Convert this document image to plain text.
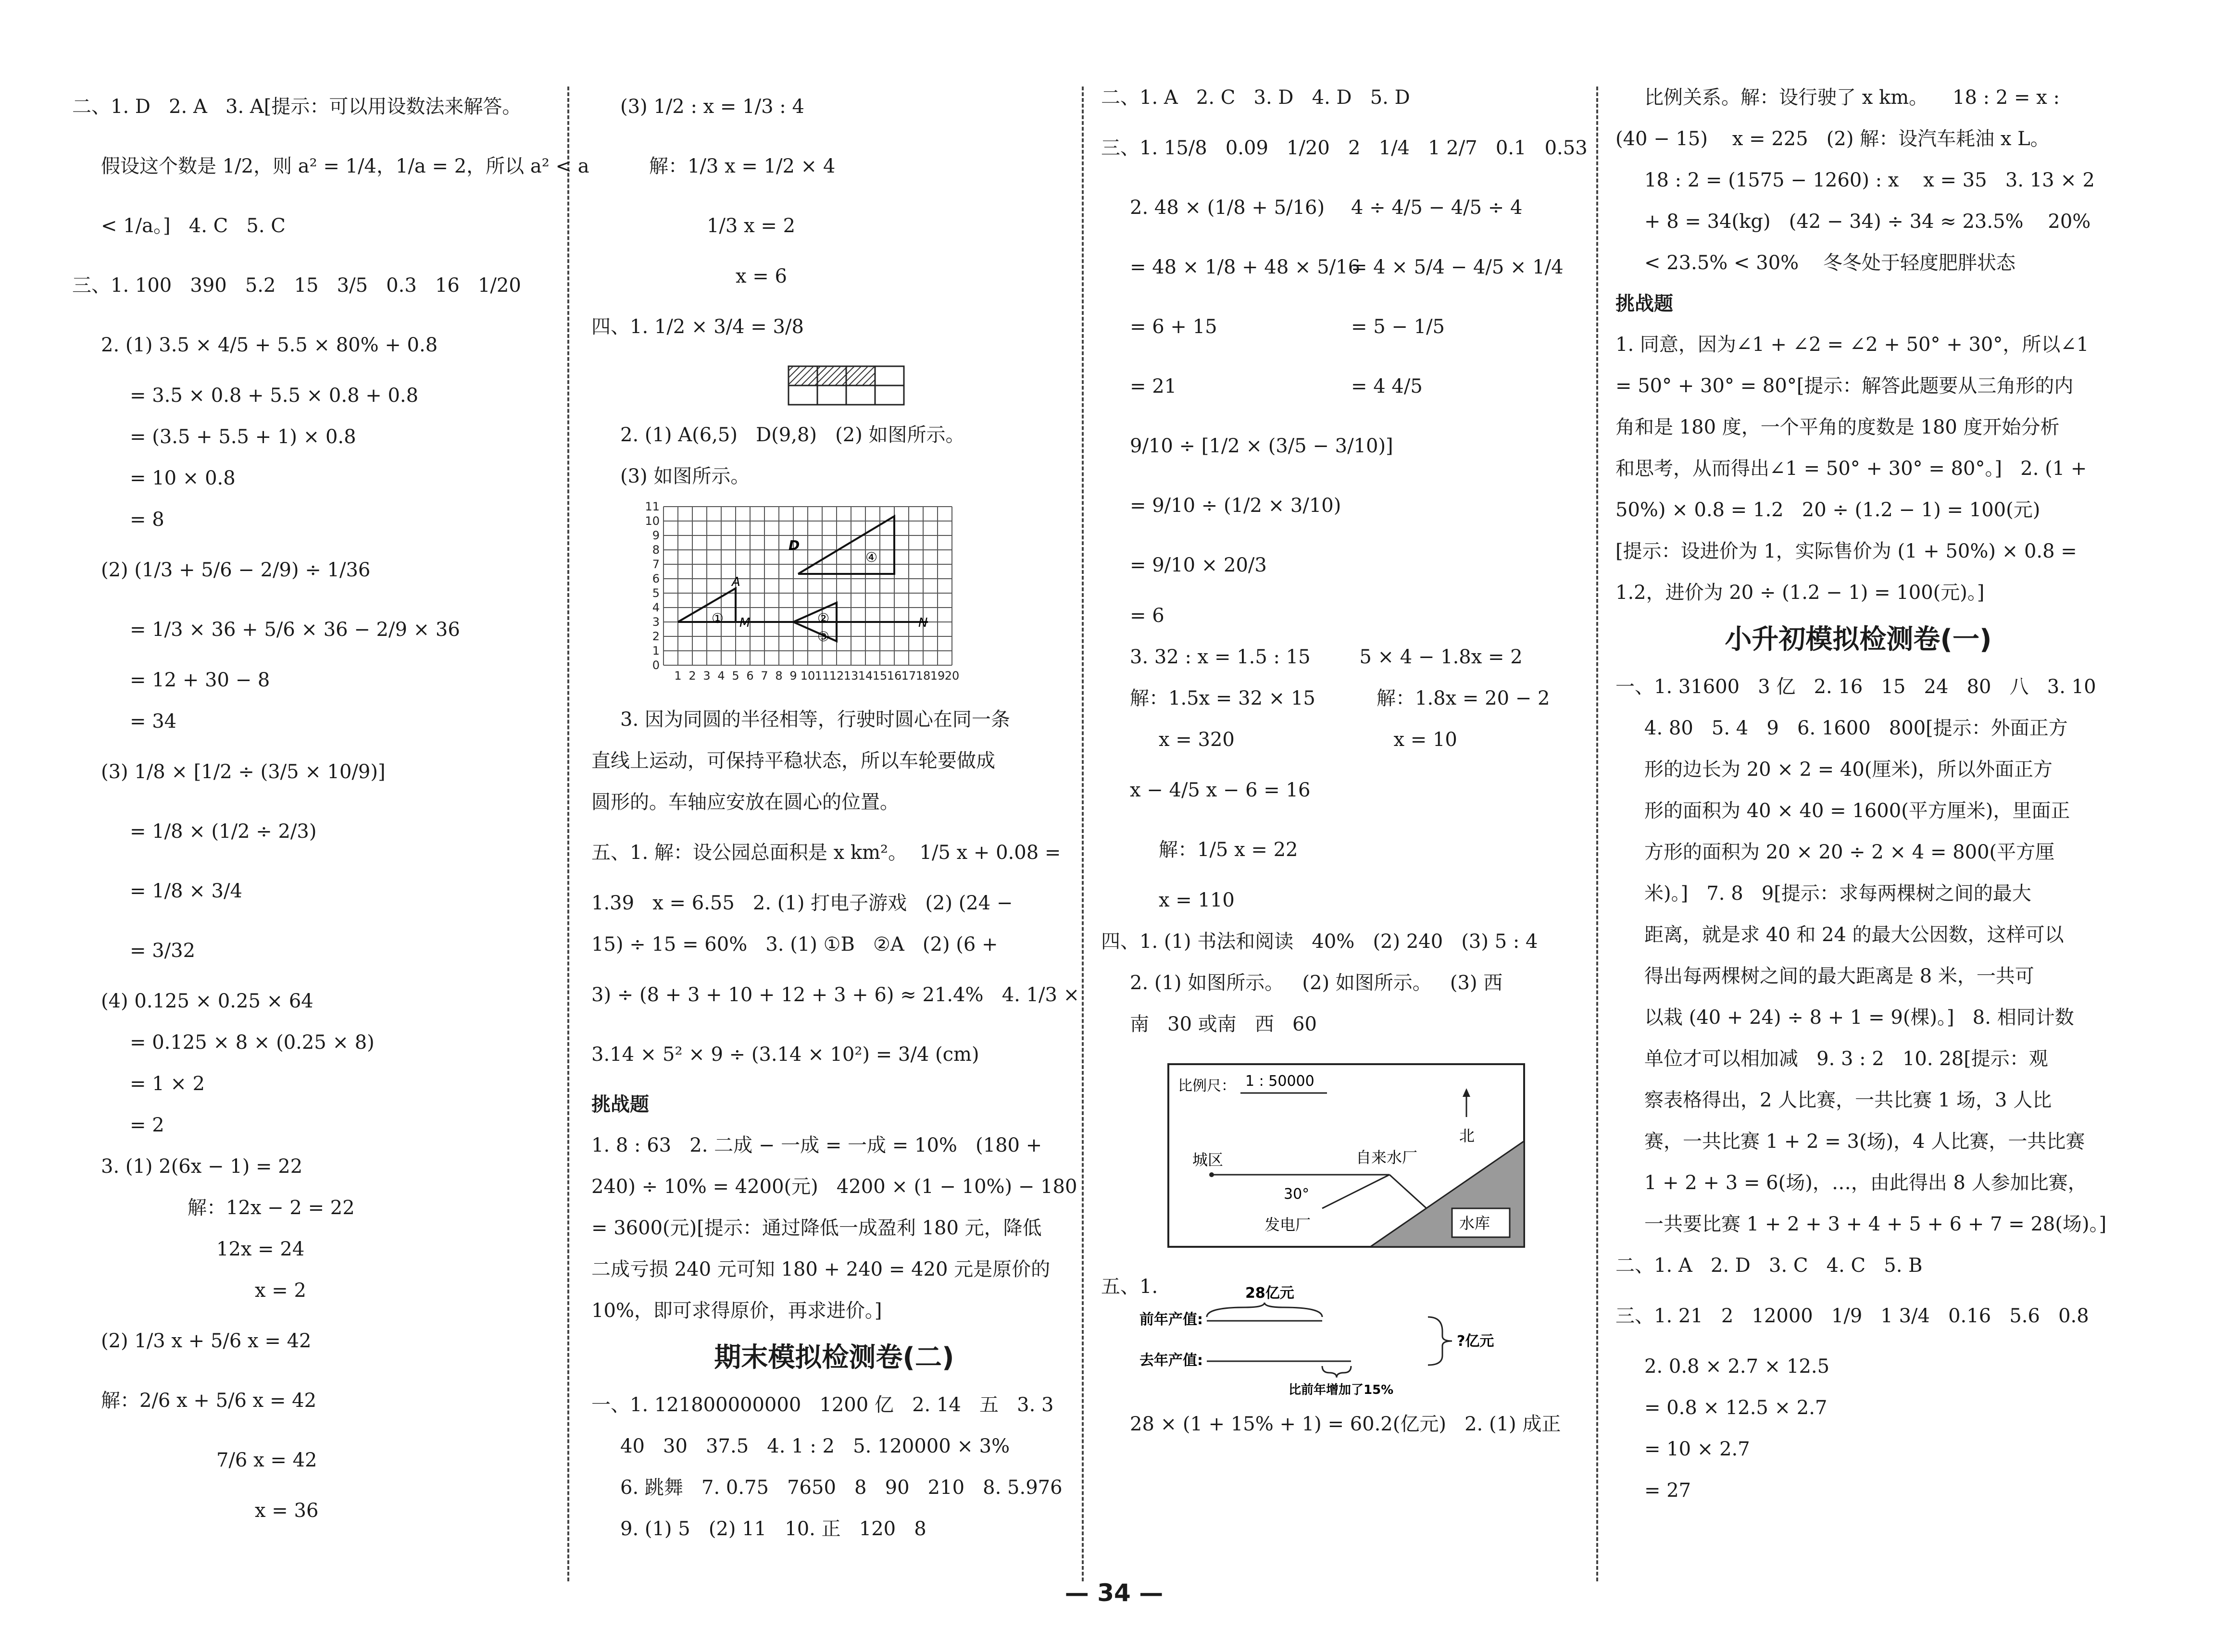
二、1. D   2. A   3. A[提示：可以用设数法来解答。
假设这个数是 1/2，则 a² = 1/4，1/a = 2，所以 a² < a
< 1/a。]   4. C   5. C
三、1. 100   390   5.2   15   3/5   0.3   16   1/20
2. (1) 3.5 × 4/5 + 5.5 × 80% + 0.8
= 3.5 × 0.8 + 5.5 × 0.8 + 0.8
= (3.5 + 5.5 + 1) × 0.8
= 10 × 0.8
= 8
(2) (1/3 + 5/6 − 2/9) ÷ 1/36
= 1/3 × 36 + 5/6 × 36 − 2/9 × 36
= 12 + 30 − 8
= 34
(3) 1/8 × [1/2 ÷ (3/5 × 10/9)]
= 1/8 × (1/2 ÷ 2/3)
= 1/8 × 3/4
= 3/32
(4) 0.125 × 0.25 × 64
= 0.125 × 8 × (0.25 × 8)
= 1 × 2
= 2
3. (1) 2(6x − 1) = 22
解：12x − 2 = 22
12x = 24
x = 2
(2) 1/3 x + 5/6 x = 42
解：2/6 x + 5/6 x = 42
7/6 x = 42
x = 36
(3) 1/2 : x = 1/3 : 4
解：1/3 x = 1/2 × 4
1/3 x = 2
x = 6
四、1. 1/2 × 3/4 = 3/8
2. (1) A(6,5)   D(9,8)   (2) 如图所示。
(3) 如图所示。
11
10
9
8
7
6
5
4
3
2
1
0
1 2 3 4 5 6 7 8 9 10 11 12 13 14 15 16 17 18 19 20
A
M
D
N
①	②
③
④
3. 因为同圆的半径相等，行驶时圆心在同一条
直线上运动，可保持平稳状态，所以车轮要做成
圆形的。车轴应安放在圆心的位置。
五、1. 解：设公园总面积是 x km²。  1/5 x + 0.08 =
1.39   x = 6.55   2. (1) 打电子游戏   (2) (24 −
15) ÷ 15 = 60%   3. (1) ①B   ②A   (2) (6 +
3) ÷ (8 + 3 + 10 + 12 + 3 + 6) ≈ 21.4%   4. 1/3 ×
3.14 × 5² × 9 ÷ (3.14 × 10²) = 3/4 (cm)
挑战题
1. 8 : 63   2. 二成 − 一成 = 一成 = 10%   (180 +
240) ÷ 10% = 4200(元)   4200 × (1 − 10%) − 180
= 3600(元)[提示：通过降低一成盈利 180 元，降低
二成亏损 240 元可知 180 + 240 = 420 元是原价的
10%，即可求得原价，再求进价。]
期末模拟检测卷(二)
一、1. 121800000000   1200 亿   2. 14   五   3. 3
40   30   37.5   4. 1 : 2   5. 120000 × 3%
6. 跳舞   7. 0.75   7650   8   90   210   8. 5.976
9. (1) 5   (2) 11   10. 正   120   8
二、1. A   2. C   3. D   4. D   5. D
三、1. 15/8   0.09   1/20   2   1/4   1 2/7   0.1   0.53
2. 48 × (1/8 + 5/16)
= 48 × 1/8 + 48 × 5/16
= 6 + 15
= 21
4 ÷ 4/5 − 4/5 ÷ 4
= 4 × 5/4 − 4/5 × 1/4
= 5 − 1/5
= 4 4/5
9/10 ÷ [1/2 × (3/5 − 3/10)]
= 9/10 ÷ (1/2 × 3/10)
= 9/10 × 20/3
= 6
3. 32 : x = 1.5 : 15        5 × 4 − 1.8x = 2
解：1.5x = 32 × 15          解：1.8x = 20 − 2
x = 320                          x = 10
x − 4/5 x − 6 = 16
解：1/5 x = 22
x = 110
四、1. (1) 书法和阅读   40%   (2) 240   (3) 5 : 4
2. (1) 如图所示。   (2) 如图所示。   (3) 西
南   30 或南   西   60
比例尺： 1 : 50000
北
城区	自来水厂
30°
发电厂	水库
五、1.	28亿元
前年产值:
去年产值:
比前年增加了15%
?亿元
28 × (1 + 15% + 1) = 60.2(亿元)   2. (1) 成正
比例关系。解：设行驶了 x km。    18 : 2 = x :
(40 − 15)    x = 225   (2) 解：设汽车耗油 x L。
18 : 2 = (1575 − 1260) : x    x = 35   3. 13 × 2
+ 8 = 34(kg)   (42 − 34) ÷ 34 ≈ 23.5%    20%
< 23.5% < 30%    冬冬处于轻度肥胖状态
挑战题
1. 同意，因为∠1 + ∠2 = ∠2 + 50° + 30°，所以∠1
= 50° + 30° = 80°[提示：解答此题要从三角形的内
角和是 180 度，一个平角的度数是 180 度开始分析
和思考，从而得出∠1 = 50° + 30° = 80°。]   2. (1 +
50%) × 0.8 = 1.2   20 ÷ (1.2 − 1) = 100(元)
[提示：设进价为 1，实际售价为 (1 + 50%) × 0.8 =
1.2，进价为 20 ÷ (1.2 − 1) = 100(元)。]
小升初模拟检测卷(一)
一、1. 31600   3 亿   2. 16   15   24   80   八   3. 10
4. 80   5. 4   9   6. 1600   800[提示：外面正方
形的边长为 20 × 2 = 40(厘米)，所以外面正方
形的面积为 40 × 40 = 1600(平方厘米)，里面正
方形的面积为 20 × 20 ÷ 2 × 4 = 800(平方厘
米)。]   7. 8   9[提示：求每两棵树之间的最大
距离，就是求 40 和 24 的最大公因数，这样可以
得出每两棵树之间的最大距离是 8 米，一共可
以栽 (40 + 24) ÷ 8 + 1 = 9(棵)。]   8. 相同计数
单位才可以相加减   9. 3 : 2   10. 28[提示：观
察表格得出，2 人比赛，一共比赛 1 场，3 人比
赛，一共比赛 1 + 2 = 3(场)，4 人比赛，一共比赛
1 + 2 + 3 = 6(场)，…，由此得出 8 人参加比赛，
一共要比赛 1 + 2 + 3 + 4 + 5 + 6 + 7 = 28(场)。]
二、1. A   2. D   3. C   4. C   5. B
三、1. 21   2   12000   1/9   1 3/4   0.16   5.6   0.8
2. 0.8 × 2.7 × 12.5
= 0.8 × 12.5 × 2.7
= 10 × 2.7
= 27
— 34 —
